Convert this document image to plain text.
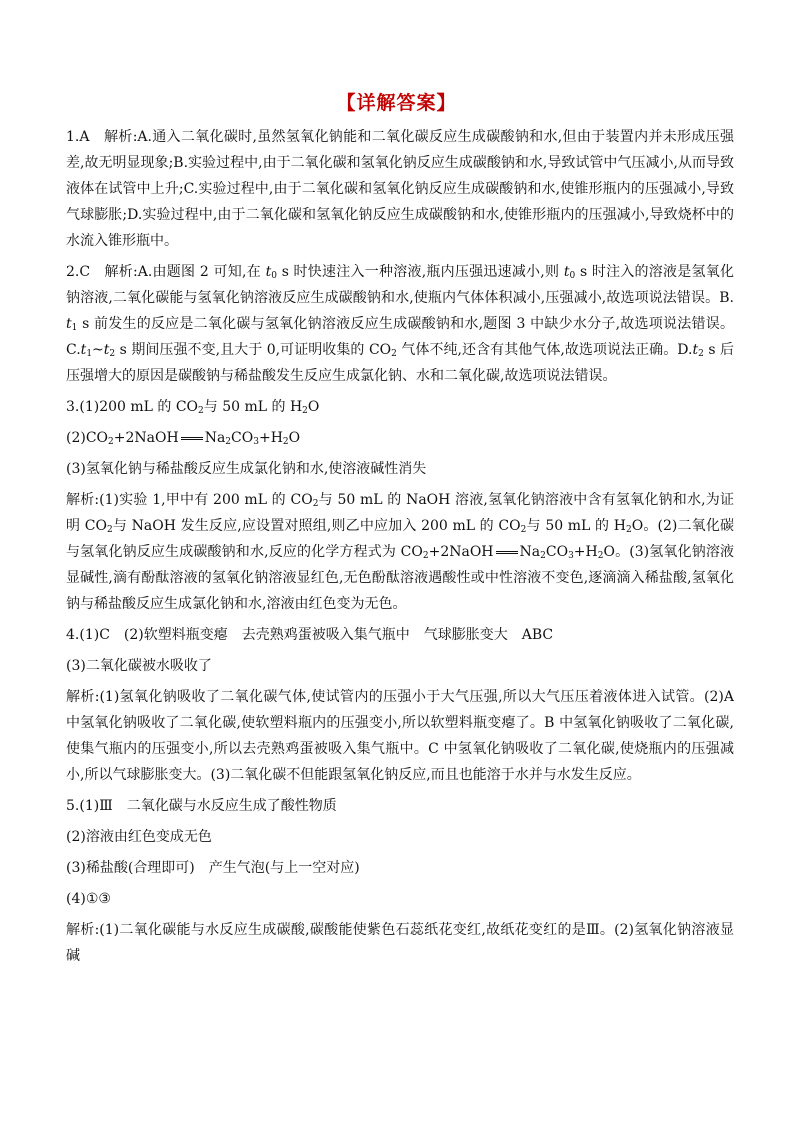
【详解答案】

1.A　解析:A.通入二氧化碳时,虽然氢氧化钠能和二氧化碳反应生成碳酸钠和水,但由于装置内并未形成压强差,故无明显现象;B.实验过程中,由于二氧化碳和氢氧化钠反应生成碳酸钠和水,导致试管中气压减小,从而导致液体在试管中上升;C.实验过程中,由于二氧化碳和氢氧化钠反应生成碳酸钠和水,使锥形瓶内的压强减小,导致气球膨胀;D.实验过程中,由于二氧化碳和氢氧化钠反应生成碳酸钠和水,使锥形瓶内的压强减小,导致烧杯中的水流入锥形瓶中。

2.C　解析:A.由题图 2 可知,在 $t_0$ s 时快速注入一种溶液,瓶内压强迅速减小,则 $t_0$ s 时注入的溶液是氢氧化钠溶液,二氧化碳能与氢氧化钠溶液反应生成碳酸钠和水,使瓶内气体体积减小,压强减小,故选项说法错误。$B.t_1$ s 前发生的反应是二氧化碳与氢氧化钠溶液反应生成碳酸钠和水,题图 3 中缺少水分子,故选项说法错误。$C.t_1\sim t_2$ s 期间压强不变,且大于 0,可证明收集的 $CO_2$ 气体不纯,还含有其他气体,故选项说法正确。$D.t_2$ s 后压强增大的原因是碳酸钠与稀盐酸发生反应生成氯化钠、水和二氧化碳,故选项说法错误。

3.(1)200 mL 的 $CO_2$与 50 mL 的 $H_2O$

$(2)CO_2+2NaOH$ $Na_2CO_3+H_2O$

(3)氢氧化钠与稀盐酸反应生成氯化钠和水,使溶液碱性消失

解析:(1)实验 1,甲中有 200 mL 的 $CO_2$与 50 mL 的 NaOH 溶液,氢氧化钠溶液中含有氢氧化钠和水,为证明 $CO_2$与 NaOH 发生反应,应设置对照组,则乙中应加入 200 mL 的 $CO_2$与 50 mL 的 $H_2O$。(2)二氧化碳与氢氧化钠反应生成碳酸钠和水,反应的化学方程式为 $CO_2+2NaOH$ $Na_2CO_3+H_2O$。(3)氢氧化钠溶液显碱性,滴有酚酞溶液的氢氧化钠溶液显红色,无色酚酞溶液遇酸性或中性溶液不变色,逐滴滴入稀盐酸,氢氧化钠与稀盐酸反应生成氯化钠和水,溶液由红色变为无色。

4.(1)C　(2)软塑料瓶变瘪　去壳熟鸡蛋被吸入集气瓶中　气球膨胀变大　ABC

(3)二氧化碳被水吸收了

解析:(1)氢氧化钠吸收了二氧化碳气体,使试管内的压强小于大气压强,所以大气压压着液体进入试管。(2)A 中氢氧化钠吸收了二氧化碳,使软塑料瓶内的压强变小,所以软塑料瓶变瘪了。B 中氢氧化钠吸收了二氧化碳,使集气瓶内的压强变小,所以去壳熟鸡蛋被吸入集气瓶中。C 中氢氧化钠吸收了二氧化碳,使烧瓶内的压强减小,所以气球膨胀变大。(3)二氧化碳不但能跟氢氧化钠反应,而且也能溶于水并与水发生反应。

5.(1)Ⅲ　二氧化碳与水反应生成了酸性物质

(2)溶液由红色变成无色

(3)稀盐酸(合理即可)　产生气泡(与上一空对应)

(4)①③

解析:(1)二氧化碳能与水反应生成碳酸,碳酸能使紫色石蕊纸花变红,故纸花变红的是Ⅲ。(2)氢氧化钠溶液显碱
